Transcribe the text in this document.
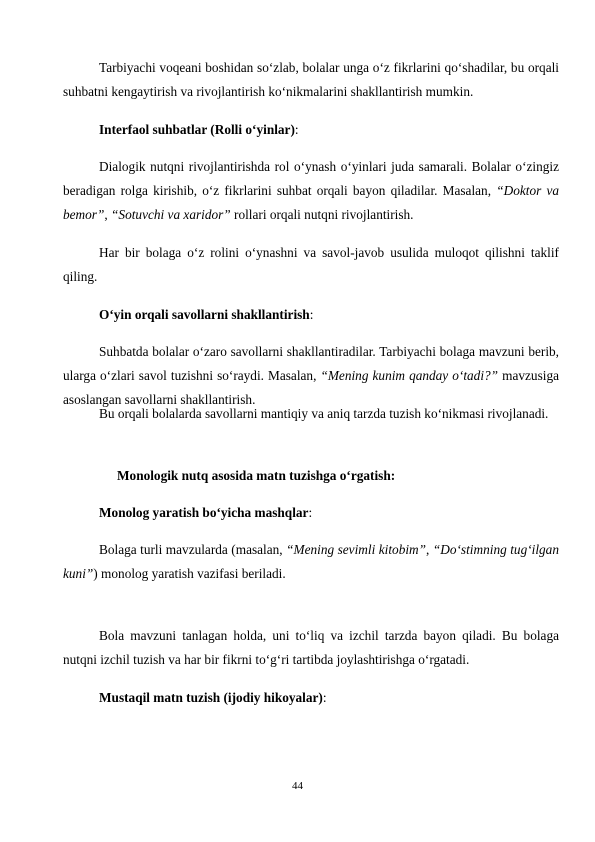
Tarbiyachi voqeani boshidan so‘zlab, bolalar unga o‘z fikrlarini qo‘shadilar, bu orqali suhbatni kengaytirish va rivojlantirish ko‘nikmalarini shakllantirish mumkin.

Interfaol suhbatlar (Rolli o‘yinlar):

Dialogik nutqni rivojlantirishda rol o‘ynash o‘yinlari juda samarali. Bolalar o‘zingiz beradigan rolga kirishib, o‘z fikrlarini suhbat orqali bayon qiladilar. Masalan, “Doktor va bemor”, “Sotuvchi va xaridor” rollari orqali nutqni rivojlantirish.

Har bir bolaga o‘z rolini o‘ynashni va savol-javob usulida muloqot qilishni taklif qiling.

O‘yin orqali savollarni shakllantirish:

Suhbatda bolalar o‘zaro savollarni shakllantiradilar. Tarbiyachi bolaga mavzuni berib, ularga o‘zlari savol tuzishni so‘raydi. Masalan, “Mening kunim qanday o‘tadi?” mavzusiga asoslangan savollarni shakllantirish.

Bu orqali bolalarda savollarni mantiqiy va aniq tarzda tuzish ko‘nikmasi rivojlanadi.

Monologik nutq asosida matn tuzishga o‘rgatish:

Monolog yaratish bo‘yicha mashqlar:

Bolaga turli mavzularda (masalan, “Mening sevimli kitobim”, “Do‘stimning tug‘ilgan kuni”) monolog yaratish vazifasi beriladi.

Bola mavzuni tanlagan holda, uni to‘liq va izchil tarzda bayon qiladi. Bu bolaga nutqni izchil tuzish va har bir fikrni to‘g‘ri tartibda joylashtirishga o‘rgatadi.

Mustaqil matn tuzish (ijodiy hikoyalar):

44
